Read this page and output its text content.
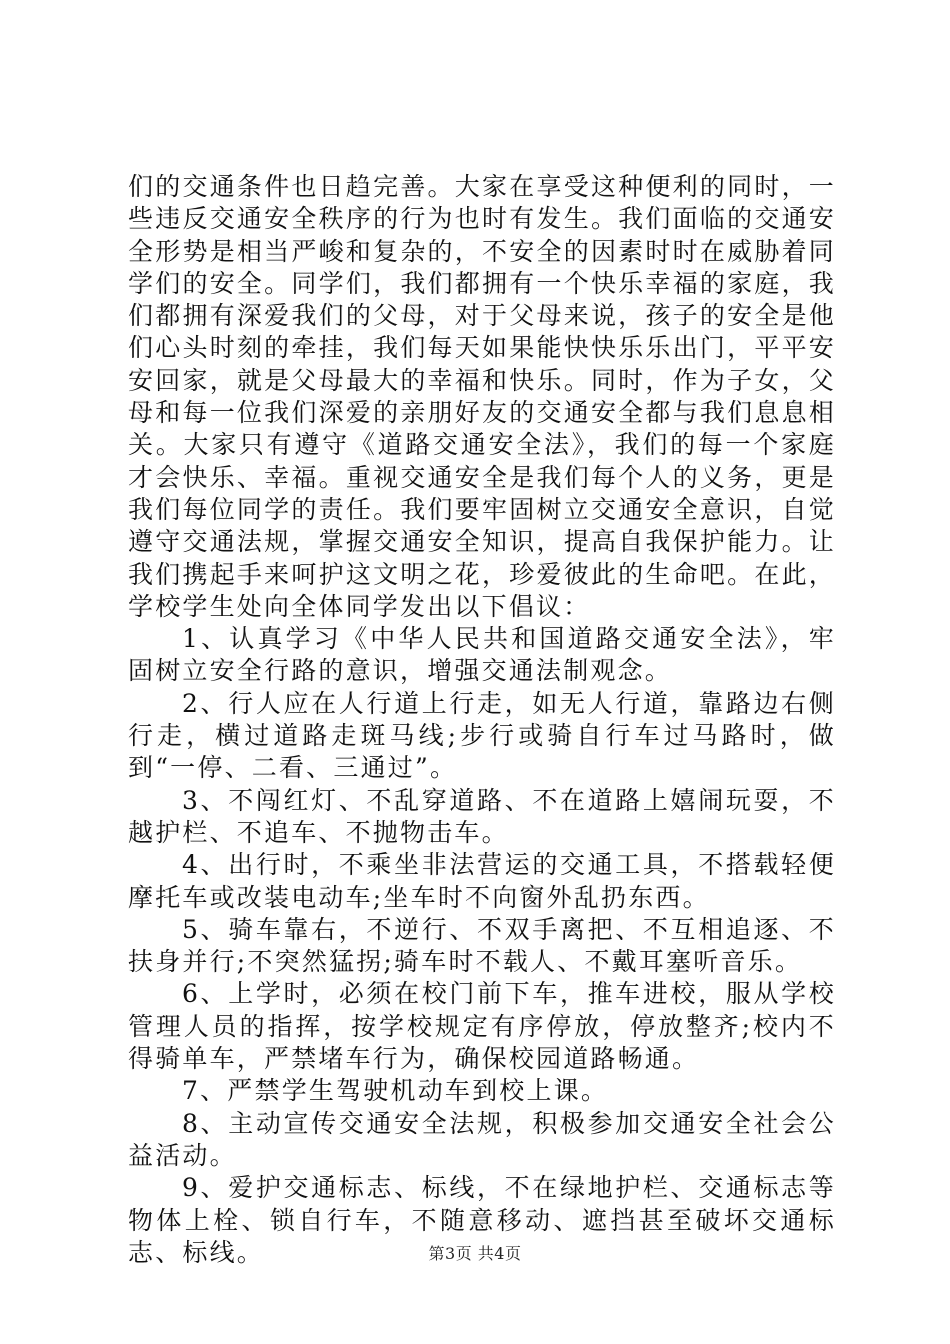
们的交通条件也日趋完善。大家在享受这种便利的同时，一些违反交通安全秩序的行为也时有发生。我们面临的交通安全形势是相当严峻和复杂的，不安全的因素时时在威胁着同学们的安全。同学们，我们都拥有一个快乐幸福的家庭，我们都拥有深爱我们的父母，对于父母来说，孩子的安全是他们心头时刻的牵挂，我们每天如果能快快乐乐出门，平平安安回家，就是父母最大的幸福和快乐。同时，作为子女，父母和每一位我们深爱的亲朋好友的交通安全都与我们息息相关。大家只有遵守《道路交通安全法》，我们的每一个家庭才会快乐、幸福。重视交通安全是我们每个人的义务，更是我们每位同学的责任。我们要牢固树立交通安全意识，自觉遵守交通法规，掌握交通安全知识，提高自我保护能力。让我们携起手来呵护这文明之花，珍爱彼此的生命吧。在此，学校学生处向全体同学发出以下倡议：

1、认真学习《中华人民共和国道路交通安全法》，牢固树立安全行路的意识，增强交通法制观念。

2、行人应在人行道上行走，如无人行道，靠路边右侧行走，横过道路走斑马线;步行或骑自行车过马路时，做到“一停、二看、三通过”。

3、不闯红灯、不乱穿道路、不在道路上嬉闹玩耍，不越护栏、不追车、不抛物击车。

4、出行时，不乘坐非法营运的交通工具，不搭载轻便摩托车或改装电动车;坐车时不向窗外乱扔东西。

5、骑车靠右，不逆行、不双手离把、不互相追逐、不扶身并行;不突然猛拐;骑车时不载人、不戴耳塞听音乐。

6、上学时，必须在校门前下车，推车进校，服从学校管理人员的指挥，按学校规定有序停放，停放整齐;校内不得骑单车，严禁堵车行为，确保校园道路畅通。

7、严禁学生驾驶机动车到校上课。

8、主动宣传交通安全法规，积极参加交通安全社会公益活动。

9、爱护交通标志、标线，不在绿地护栏、交通标志等物体上栓、锁自行车，不随意移动、遮挡甚至破坏交通标志、标线。	第3页 共4页
